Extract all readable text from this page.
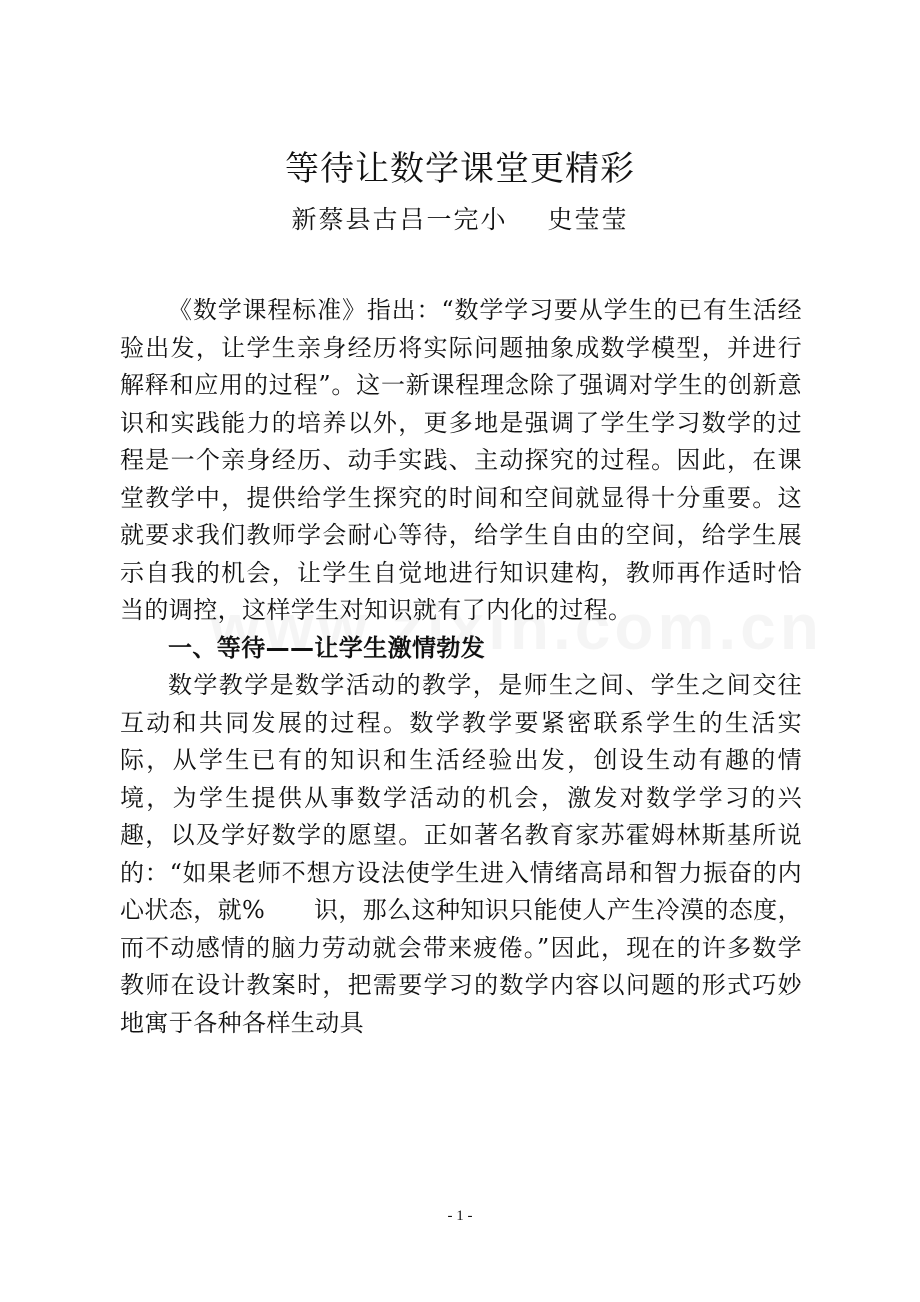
等待让数学课堂更精彩
新蔡县古吕一完小 史莹莹

《数学课程标准》指出：“数学学习要从学生的已有生活经验出发，让学生亲身经历将实际问题抽象成数学模型，并进行解释和应用的过程”。这一新课程理念除了强调对学生的创新意识和实践能力的培养以外，更多地是强调了学生学习数学的过程是一个亲身经历、动手实践、主动探究的过程。因此，在课堂教学中，提供给学生探究的时间和空间就显得十分重要。这就要求我们教师学会耐心等待，给学生自由的空间，给学生展示自我的机会，让学生自觉地进行知识建构，教师再作适时恰当的调控，这样学生对知识就有了内化的过程。

一、等待——让学生激情勃发

数学教学是数学活动的教学，是师生之间、学生之间交往互动和共同发展的过程。数学教学要紧密联系学生的生活实际，从学生已有的知识和生活经验出发，创设生动有趣的情境，为学生提供从事数学活动的机会，激发对数学学习的兴趣，以及学好数学的愿望。正如著名教育家苏霍姆林斯基所说的：“如果老师不想方设法使学生进入情绪高昂和智力振奋的内心状态，就%　　识，那么这种知识只能使人产生冷漠的态度，而不动感情的脑力劳动就会带来疲倦。”因此，现在的许多数学教师在设计教案时，把需要学习的数学内容以问题的形式巧妙地寓于各种各样生动具

- 1 -
